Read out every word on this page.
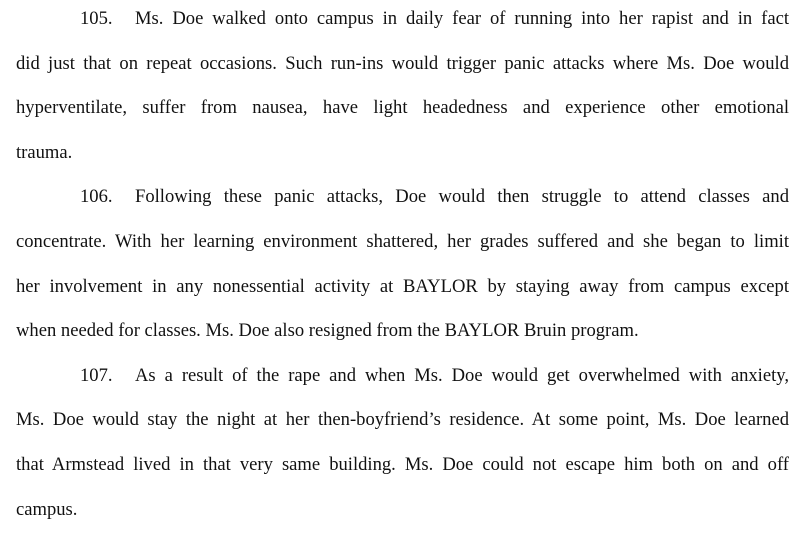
105. Ms. Doe walked onto campus in daily fear of running into her rapist and in fact
did just that on repeat occasions. Such run-ins would trigger panic attacks where Ms. Doe would
hyperventilate, suffer from nausea, have light headedness and experience other emotional
trauma.
106. Following these panic attacks, Doe would then struggle to attend classes and
concentrate. With her learning environment shattered, her grades suffered and she began to limit
her involvement in any nonessential activity at BAYLOR by staying away from campus except
when needed for classes. Ms. Doe also resigned from the BAYLOR Bruin program.
107. As a result of the rape and when Ms. Doe would get overwhelmed with anxiety,
Ms. Doe would stay the night at her then-boyfriend’s residence. At some point, Ms. Doe learned
that Armstead lived in that very same building. Ms. Doe could not escape him both on and off
campus.
